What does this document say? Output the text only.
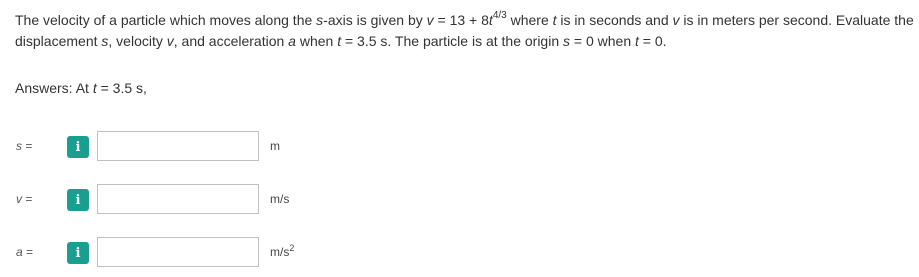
The velocity of a particle which moves along the s-axis is given by $v = 13 + 8t^{4/3}$ where t is in seconds and v is in meters per second. Evaluate the displacement s, velocity v, and acceleration a when t = 3.5 s. The particle is at the origin s = 0 when t = 0.
Answers: At t = 3.5 s,
s =	i	m
v =	i	m/s
a =	i	$m/s^2$
